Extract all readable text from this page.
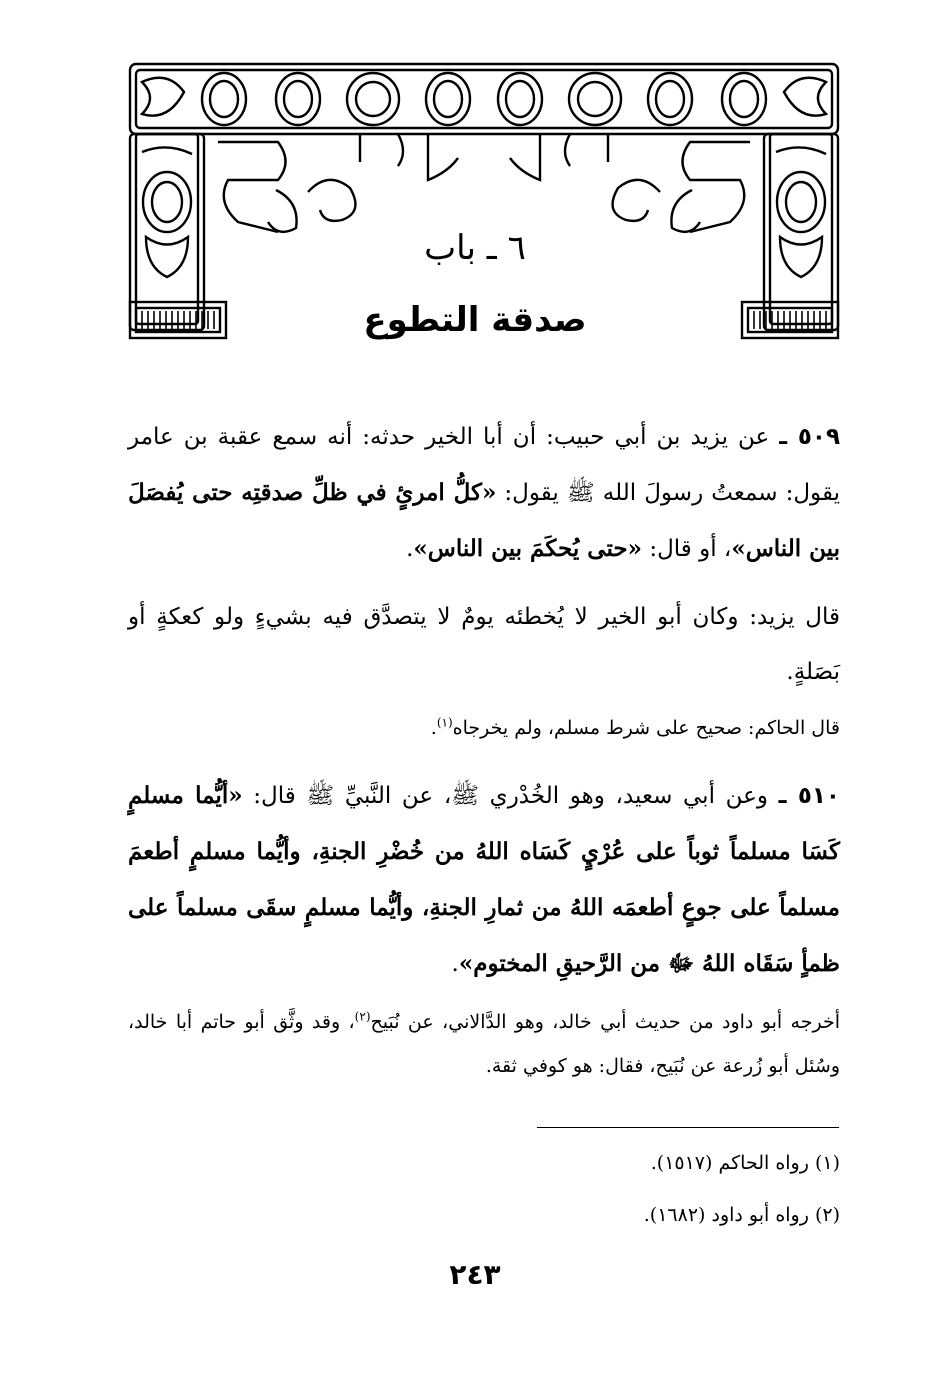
٦ ـ باب
صدقة التطوع
٥٠٩ ـ عن يزيد بن أبي حبيب: أن أبا الخير حدثه: أنه سمع عقبة بن عامر يقول: سمعتُ رسولَ الله ﷺ يقول: «كلُّ امرئٍ في ظلِّ صدقتِه حتى يُفصَلَ بين الناس»، أو قال: «حتى يُحكَمَ بين الناس».
قال يزيد: وكان أبو الخير لا يُخطئه يومٌ لا يتصدَّق فيه بشيءٍ ولو كعكةٍ أو بَصَلةٍ.
قال الحاكم: صحيح على شرط مسلم، ولم يخرجاه$^{(١)}$.
٥١٠ ـ وعن أبي سعيد، وهو الخُدْري ﷺ، عن النَّبيِّ ﷺ قال: «أيُّما مسلمٍ كَسَا مسلماً ثوباً على عُرْيٍ كَسَاه اللهُ من خُضْرِ الجنةِ، وأيُّما مسلمٍ أطعمَ مسلماً على جوعٍ أطعمَه اللهُ من ثمارِ الجنةِ، وأيُّما مسلمٍ سقَى مسلماً على ظمأٍ سَقَاه اللهُ ﷻ من الرَّحيقِ المختوم».
أخرجه أبو داود من حديث أبي خالد، وهو الدَّالاني، عن نُبَيح$^{(٢)}$، وقد وثَّق أبو حاتم أبا خالد، وسُئل أبو زُرعة عن نُبَيح، فقال: هو كوفي ثقة.
(١) رواه الحاكم (١٥١٧).
(٢) رواه أبو داود (١٦٨٢).
٢٤٣
